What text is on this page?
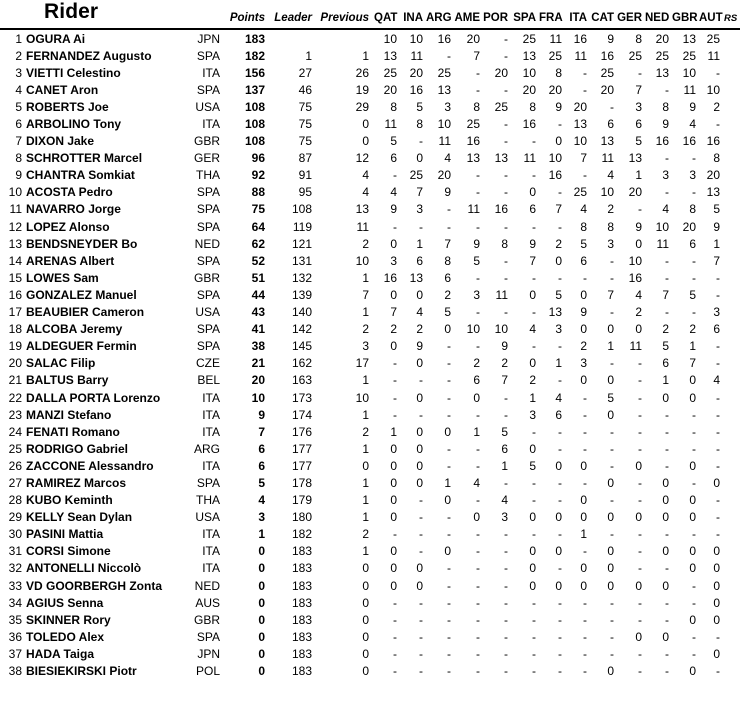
	Rider		Points	Leader	Previous	QAT	INA	ARG	AME	POR	SPA	FRA	ITA	CAT	GER	NED	GBR	AUT	RS
1	OGURA Ai	JPN	183			10	10	16	20	-	25	11	16	9	8	20	13	25	
2	FERNANDEZ Augusto	SPA	182	1	1	13	11	-	7	-	13	25	11	16	25	25	25	11	
3	VIETTI Celestino	ITA	156	27	26	25	20	25	-	20	10	8	-	25	-	13	10	-	
4	CANET Aron	SPA	137	46	19	20	16	13	-	-	20	20	-	20	7	-	11	10	
5	ROBERTS Joe	USA	108	75	29	8	5	3	8	25	8	9	20	-	3	8	9	2	
6	ARBOLINO Tony	ITA	108	75	0	11	8	10	25	-	16	-	13	6	6	9	4	-	
7	DIXON Jake	GBR	108	75	0	5	-	11	16	-	-	0	10	13	5	16	16	16	
8	SCHROTTER Marcel	GER	96	87	12	6	0	4	13	13	11	10	7	11	13	-	-	8	
9	CHANTRA Somkiat	THA	92	91	4	-	25	20	-	-	-	16	-	4	1	3	3	20	
10	ACOSTA Pedro	SPA	88	95	4	4	7	9	-	-	0	-	25	10	20	-	-	13	
11	NAVARRO Jorge	SPA	75	108	13	9	3	-	11	16	6	7	4	2	-	4	8	5	
12	LOPEZ Alonso	SPA	64	119	11	-	-	-	-	-	-	-	8	8	9	10	20	9	
13	BENDSNEYDER Bo	NED	62	121	2	0	1	7	9	8	9	2	5	3	0	11	6	1	
14	ARENAS Albert	SPA	52	131	10	3	6	8	5	-	7	0	6	-	10	-	-	7	
15	LOWES Sam	GBR	51	132	1	16	13	6	-	-	-	-	-	-	16	-	-	-	
16	GONZALEZ Manuel	SPA	44	139	7	0	0	2	3	11	0	5	0	7	4	7	5	-	
17	BEAUBIER Cameron	USA	43	140	1	7	4	5	-	-	-	13	9	-	2	-	-	3	
18	ALCOBA Jeremy	SPA	41	142	2	2	2	0	10	10	4	3	0	0	0	2	2	6	
19	ALDEGUER Fermin	SPA	38	145	3	0	9	-	-	9	-	-	2	1	11	5	1	-	
20	SALAC Filip	CZE	21	162	17	-	0	-	2	2	0	1	3	-	-	6	7	-	
21	BALTUS Barry	BEL	20	163	1	-	-	-	6	7	2	-	0	0	-	1	0	4	
22	DALLA PORTA Lorenzo	ITA	10	173	10	-	0	-	0	-	1	4	-	5	-	0	0	-	
23	MANZI Stefano	ITA	9	174	1	-	-	-	-	-	3	6	-	0	-	-	-	-	
24	FENATI Romano	ITA	7	176	2	1	0	0	1	5	-	-	-	-	-	-	-	-	
25	RODRIGO Gabriel	ARG	6	177	1	0	0	-	-	6	0	-	-	-	-	-	-	-	
26	ZACCONE Alessandro	ITA	6	177	0	0	0	-	-	1	5	0	0	-	0	-	0	-	
27	RAMIREZ Marcos	SPA	5	178	1	0	0	1	4	-	-	-	-	0	-	0	-	0	
28	KUBO Keminth	THA	4	179	1	0	-	0	-	4	-	-	0	-	-	0	0	-	
29	KELLY Sean Dylan	USA	3	180	1	0	-	-	0	3	0	0	0	0	0	0	0	-	
30	PASINI Mattia	ITA	1	182	2	-	-	-	-	-	-	-	1	-	-	-	-	-	
31	CORSI Simone	ITA	0	183	1	0	-	0	-	-	0	0	-	0	-	0	0	0	
32	ANTONELLI Niccolò	ITA	0	183	0	0	0	-	-	-	0	-	0	0	-	-	0	0	
33	VD GOORBERGH Zonta	NED	0	183	0	0	0	-	-	-	0	0	0	0	0	0	-	0	
34	AGIUS Senna	AUS	0	183	0	-	-	-	-	-	-	-	-	-	-	-	-	0	
35	SKINNER Rory	GBR	0	183	0	-	-	-	-	-	-	-	-	-	-	-	0	0	
36	TOLEDO Alex	SPA	0	183	0	-	-	-	-	-	-	-	-	-	0	0	-	-	
37	HADA Taiga	JPN	0	183	0	-	-	-	-	-	-	-	-	-	-	-	-	0	
38	BIESIEKIRSKI Piotr	POL	0	183	0	-	-	-	-	-	-	-	-	0	-	-	0	-	
